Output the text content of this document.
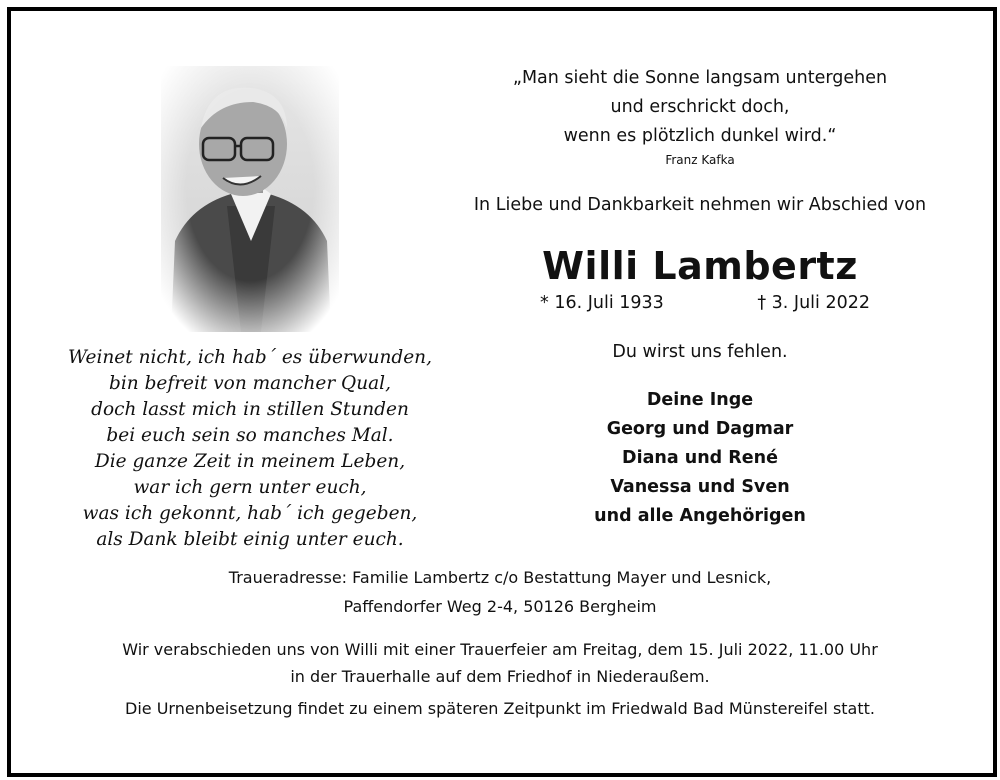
„Man sieht die Sonne langsam untergehen
und erschrickt doch,
wenn es plötzlich dunkel wird.“
Franz Kafka
In Liebe und Dankbarkeit nehmen wir Abschied von
Willi Lambertz
* 16. Juli 1933	† 3. Juli 2022
Du wirst uns fehlen.
Deine Inge
Georg und Dagmar
Diana und René
Vanessa und Sven
und alle Angehörigen
Weinet nicht, ich hab´ es überwunden,
bin befreit von mancher Qual,
doch lasst mich in stillen Stunden
bei euch sein so manches Mal.
Die ganze Zeit in meinem Leben,
war ich gern unter euch,
was ich gekonnt, hab´ ich gegeben,
als Dank bleibt einig unter euch.
Traueradresse: Familie Lambertz c/o Bestattung Mayer und Lesnick,
Paffendorfer Weg 2-4, 50126 Bergheim
Wir verabschieden uns von Willi mit einer Trauerfeier am Freitag, dem 15. Juli 2022, 11.00 Uhr
in der Trauerhalle auf dem Friedhof in Niederaußem.
Die Urnenbeisetzung findet zu einem späteren Zeitpunkt im Friedwald Bad Münstereifel statt.
